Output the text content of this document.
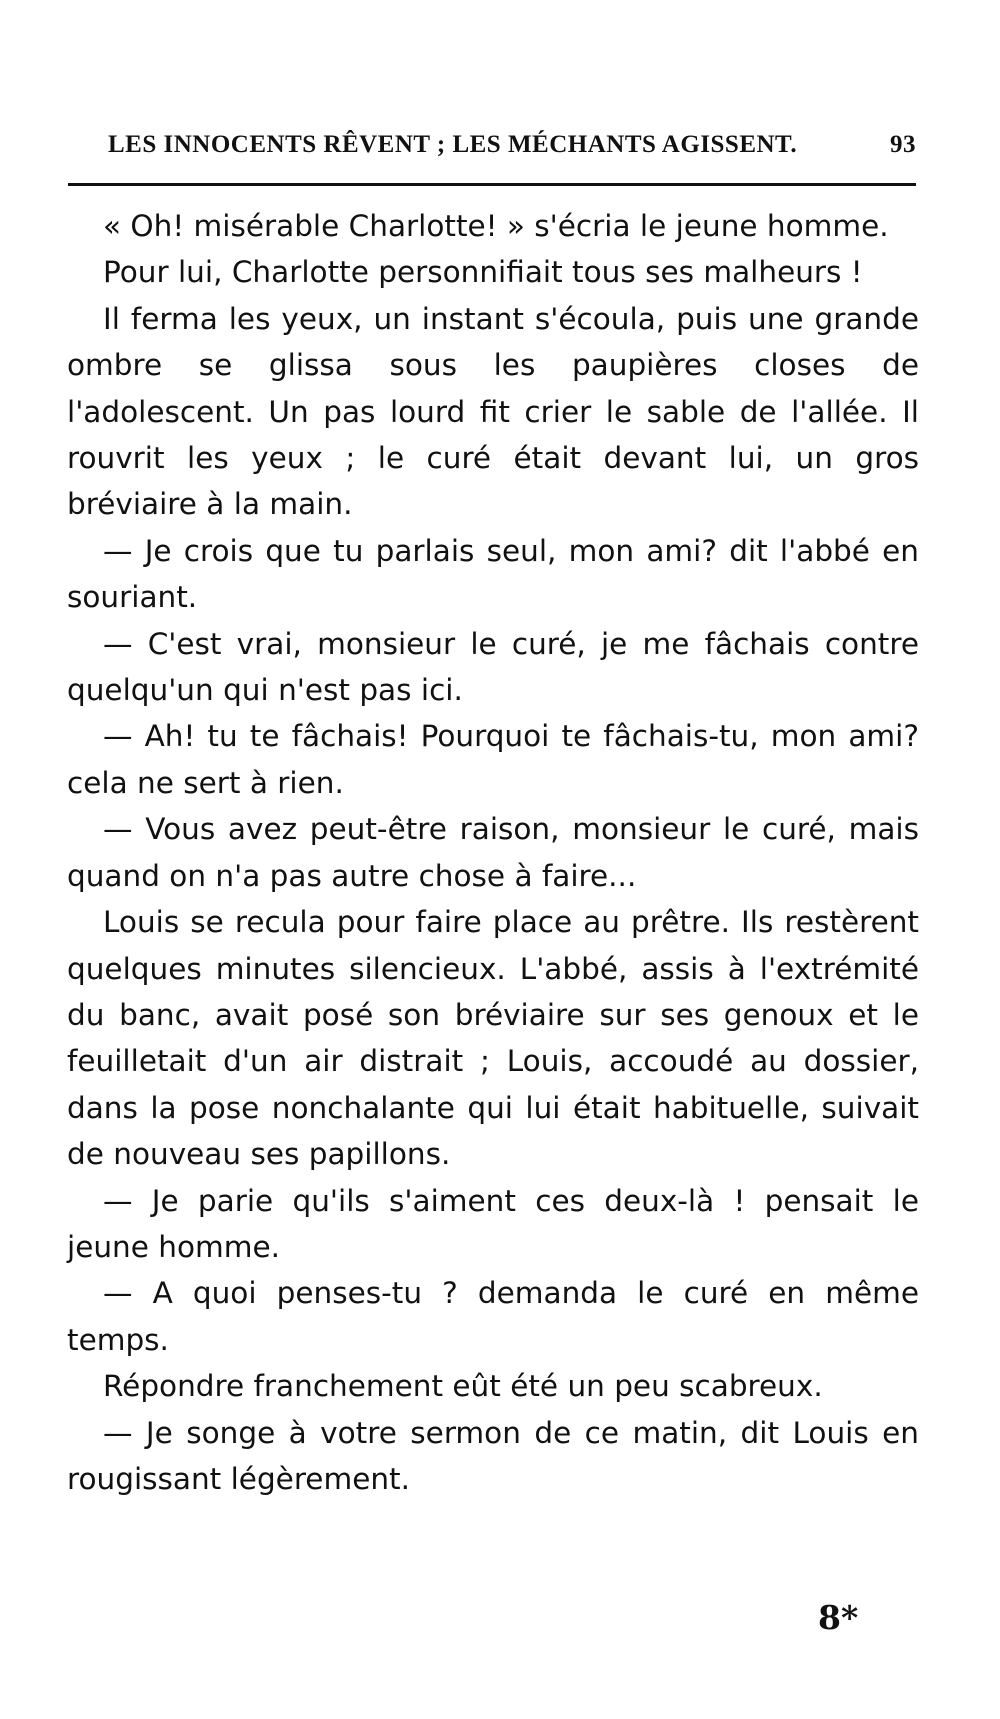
LES INNOCENTS RÊVENT ; LES MÉCHANTS AGISSENT.	93

« Oh! misérable Charlotte! » s'écria le jeune homme.

Pour lui, Charlotte personnifiait tous ses malheurs !

Il ferma les yeux, un instant s'écoula, puis une grande ombre se glissa sous les paupières closes de l'adolescent. Un pas lourd fit crier le sable de l'allée. Il rouvrit les yeux ; le curé était devant lui, un gros bréviaire à la main.

— Je crois que tu parlais seul, mon ami? dit l'abbé en souriant.

— C'est vrai, monsieur le curé, je me fâchais contre quelqu'un qui n'est pas ici.

— Ah! tu te fâchais! Pourquoi te fâchais-tu, mon ami? cela ne sert à rien.

— Vous avez peut-être raison, monsieur le curé, mais quand on n'a pas autre chose à faire...

Louis se recula pour faire place au prêtre. Ils restèrent quelques minutes silencieux. L'abbé, assis à l'extrémité du banc, avait posé son bréviaire sur ses genoux et le feuilletait d'un air distrait ; Louis, accoudé au dossier, dans la pose nonchalante qui lui était habituelle, suivait de nouveau ses papillons.

— Je parie qu'ils s'aiment ces deux-là ! pensait le jeune homme.

— A quoi penses-tu ? demanda le curé en même temps.

Répondre franchement eût été un peu scabreux.

— Je songe à votre sermon de ce matin, dit Louis en rougissant légèrement.

8*
